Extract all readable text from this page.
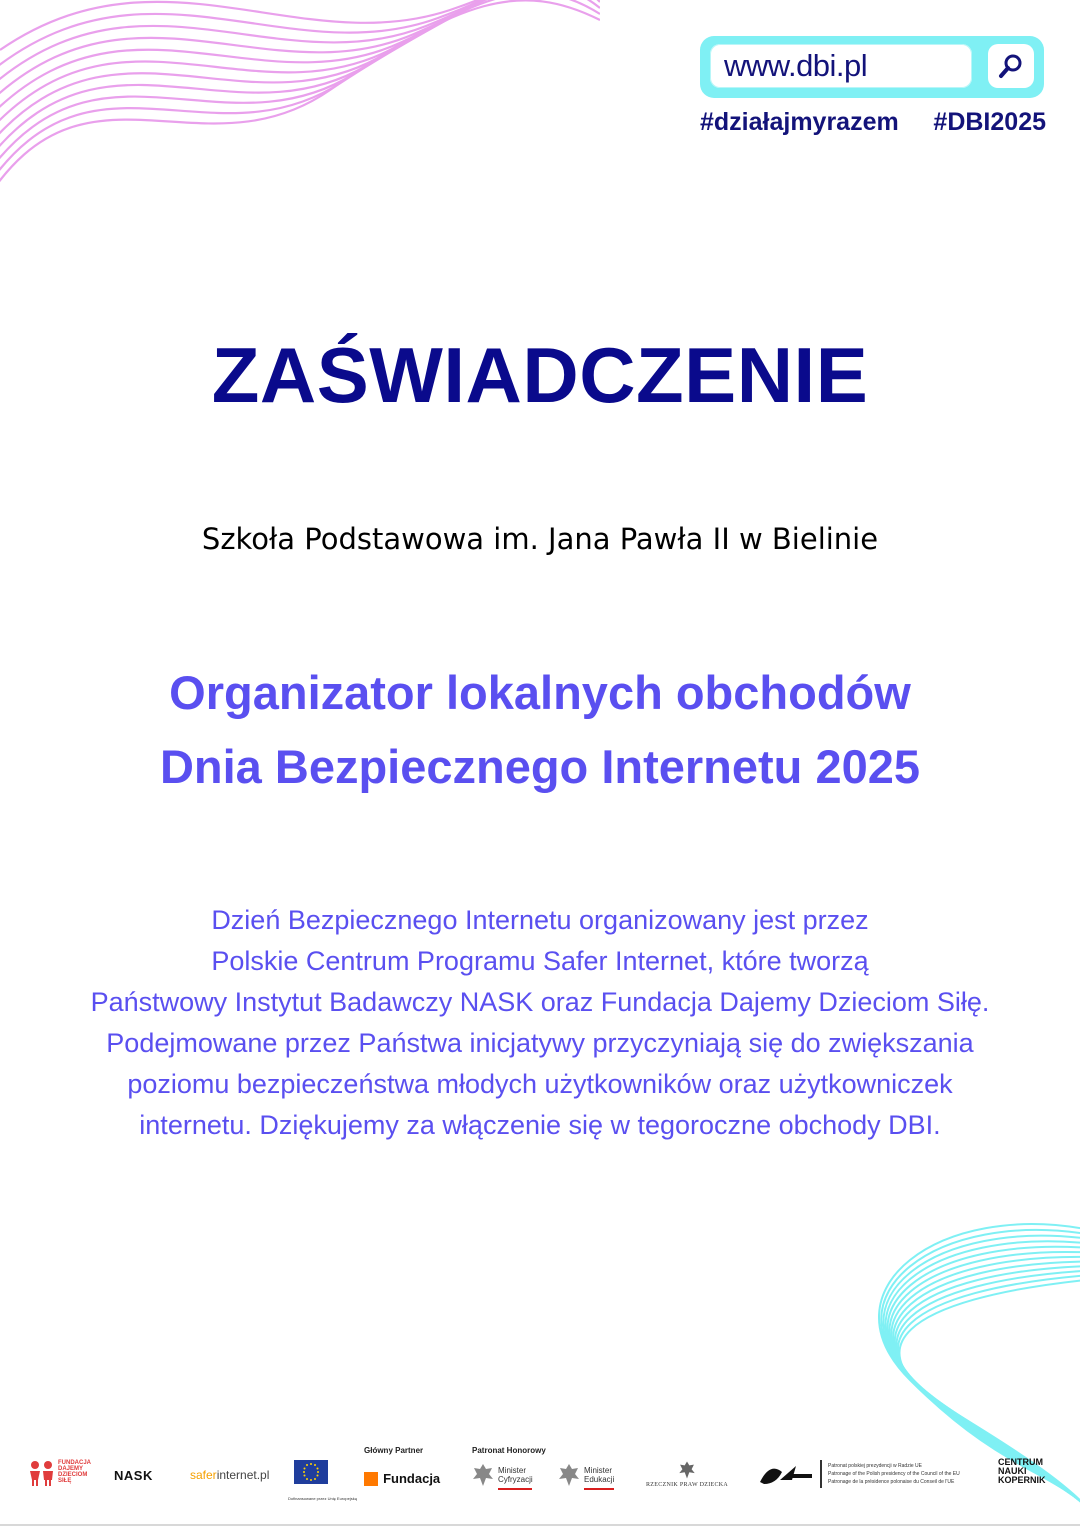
www.dbi.pl
#działajmyrazem #DBI2025
ZAŚWIADCZENIE
Szkoła Podstawowa im. Jana Pawła II w Bielinie
Organizator lokalnych obchodów
Dnia Bezpiecznego Internetu 2025
Dzień Bezpiecznego Internetu organizowany jest przez
Polskie Centrum Programu Safer Internet, które tworzą
Państwowy Instytut Badawczy NASK oraz Fundacja Dajemy Dzieciom Siłę.
Podejmowane przez Państwa inicjatywy przyczyniają się do zwiększania
poziomu bezpieczeństwa młodych użytkowników oraz użytkowniczek
internetu. Dziękujemy za włączenie się w tegoroczne obchody DBI.
FUNDACJA
DAJEMY
DZIECIOM
SIŁĘ	NASK	saferinternet.pl
Dofinansowane przez Unię Europejską
Główny Partner
Fundacja
Patronat Honorowy
Minister
Cyfryzacji
Minister
Edukacji
RZECZNIK PRAW DZIECKA
Patronat polskiej prezydencji w Radzie UE
Patronage of the Polish presidency of the Council of the EU
Patronage de la présidence polonaise du Conseil de l'UE
CENTRUM
NAUKI
KOPERNIK
